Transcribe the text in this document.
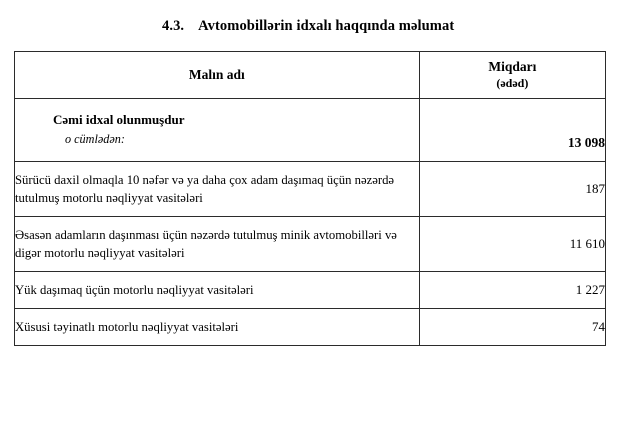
4.3. Avtomobillərin idxalı haqqında məlumat
Malın adı	Miqdarı
(ədəd)

Cəmi idxal olunmuşdur
o cümlədən:	13 098
Sürücü daxil olmaqla 10 nəfər və ya daha çox adam daşımaq üçün nəzərdə tutulmuş motorlu nəqliyyat vasitələri	187
Əsasən adamların daşınması üçün nəzərdə tutulmuş minik avtomobilləri və digər motorlu nəqliyyat vasitələri	11 610
Yük daşımaq üçün motorlu nəqliyyat vasitələri	1 227
Xüsusi təyinatlı motorlu nəqliyyat vasitələri	74
